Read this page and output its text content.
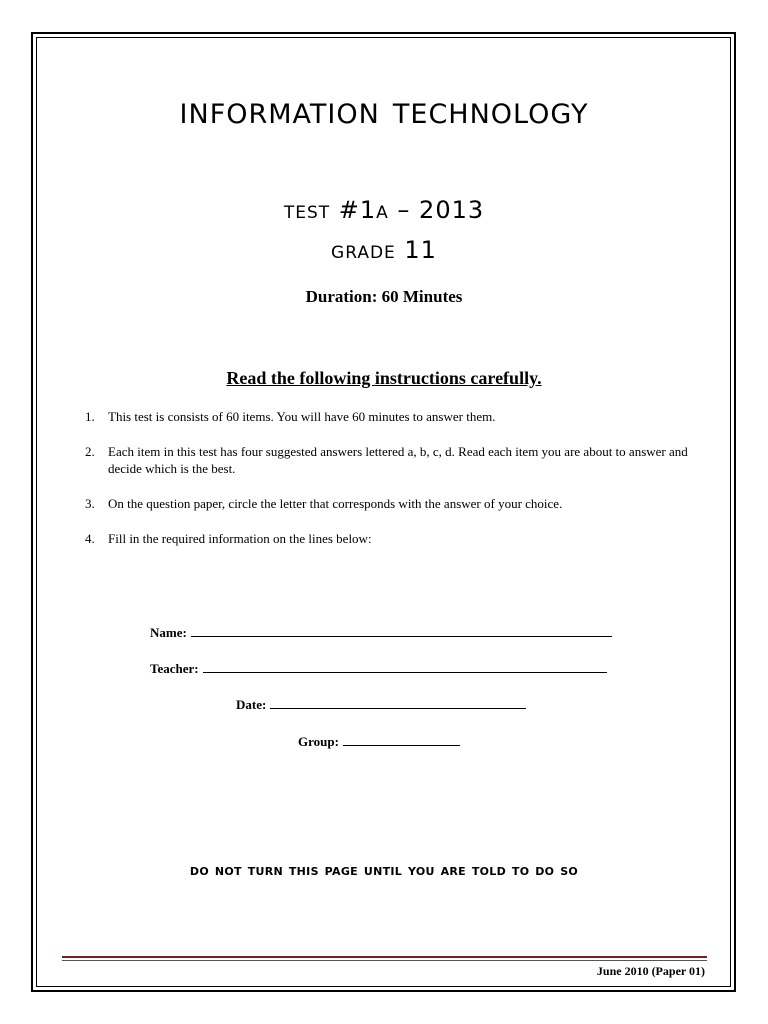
information technology
test #1a – 2013
grade 11
Duration: 60 Minutes
Read the following instructions carefully.
1. This test is consists of 60 items. You will have 60 minutes to answer them.
2. Each item in this test has four suggested answers lettered a, b, c, d. Read each item you are about to answer and decide which is the best.
3. On the question paper, circle the letter that corresponds with the answer of your choice.
4. Fill in the required information on the lines below:
Name:
Teacher:
Date:
Group:
do not turn this page until you are told to do so
June 2010 (Paper 01)
